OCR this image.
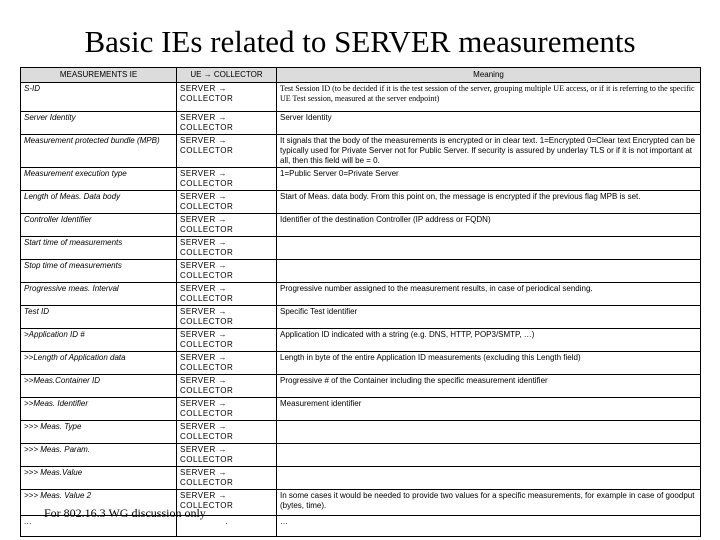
Basic IEs related to SERVER measurements
MEASUREMENTS IE	UE → COLLECTOR	Meaning
S-ID	SERVER → COLLECTOR	Test Session ID (to be decided if it is the test session of the server, grouping multiple UE access, or if it is referring to the specific UE Test session, measured at the server endpoint)
Server Identity	SERVER → COLLECTOR	Server Identity
Measurement protected bundle (MPB)	SERVER → COLLECTOR	It signals that the body of the measurements is encrypted or in clear text. 1=Encrypted 0=Clear text Encrypted can be typically used for Private Server not for Public Server. If security is assured by underlay TLS or if it is not important at all, then this field will be = 0.
Measurement execution type	SERVER → COLLECTOR	1=Public Server 0=Private Server
Length of Meas. Data body	SERVER → COLLECTOR	Start of Meas. data body. From this point on, the message is encrypted if the previous flag MPB is set.
Controller Identifier	SERVER → COLLECTOR	Identifier of the destination Controller (IP address or FQDN)
Start time of measurements	SERVER → COLLECTOR	
Stop time of measurements	SERVER → COLLECTOR	
Progressive meas. Interval	SERVER → COLLECTOR	Progressive number assigned to the measurement results, in case of periodical sending.
Test ID	SERVER → COLLECTOR	Specific Test identifier
>Application ID #	SERVER → COLLECTOR	Application ID indicated with a string (e.g. DNS, HTTP, POP3/SMTP, …)
>>Length of Application data	SERVER → COLLECTOR	Length in byte of the entire Application ID measurements (excluding this Length field)
>>Meas.Container ID	SERVER → COLLECTOR	Progressive # of the Container including the specific measurement identifier
>>Meas. Identifier	SERVER → COLLECTOR	Measurement identifier
>>> Meas. Type	SERVER → COLLECTOR	
>>> Meas. Param.	SERVER → COLLECTOR	
>>> Meas.Value	SERVER → COLLECTOR	
>>> Meas. Value 2	SERVER → COLLECTOR	In some cases it would be needed to provide two values for a specific measurements, for example in case of goodput (bytes, time).
…	.	…
For 802.16.3 WG discussion only
